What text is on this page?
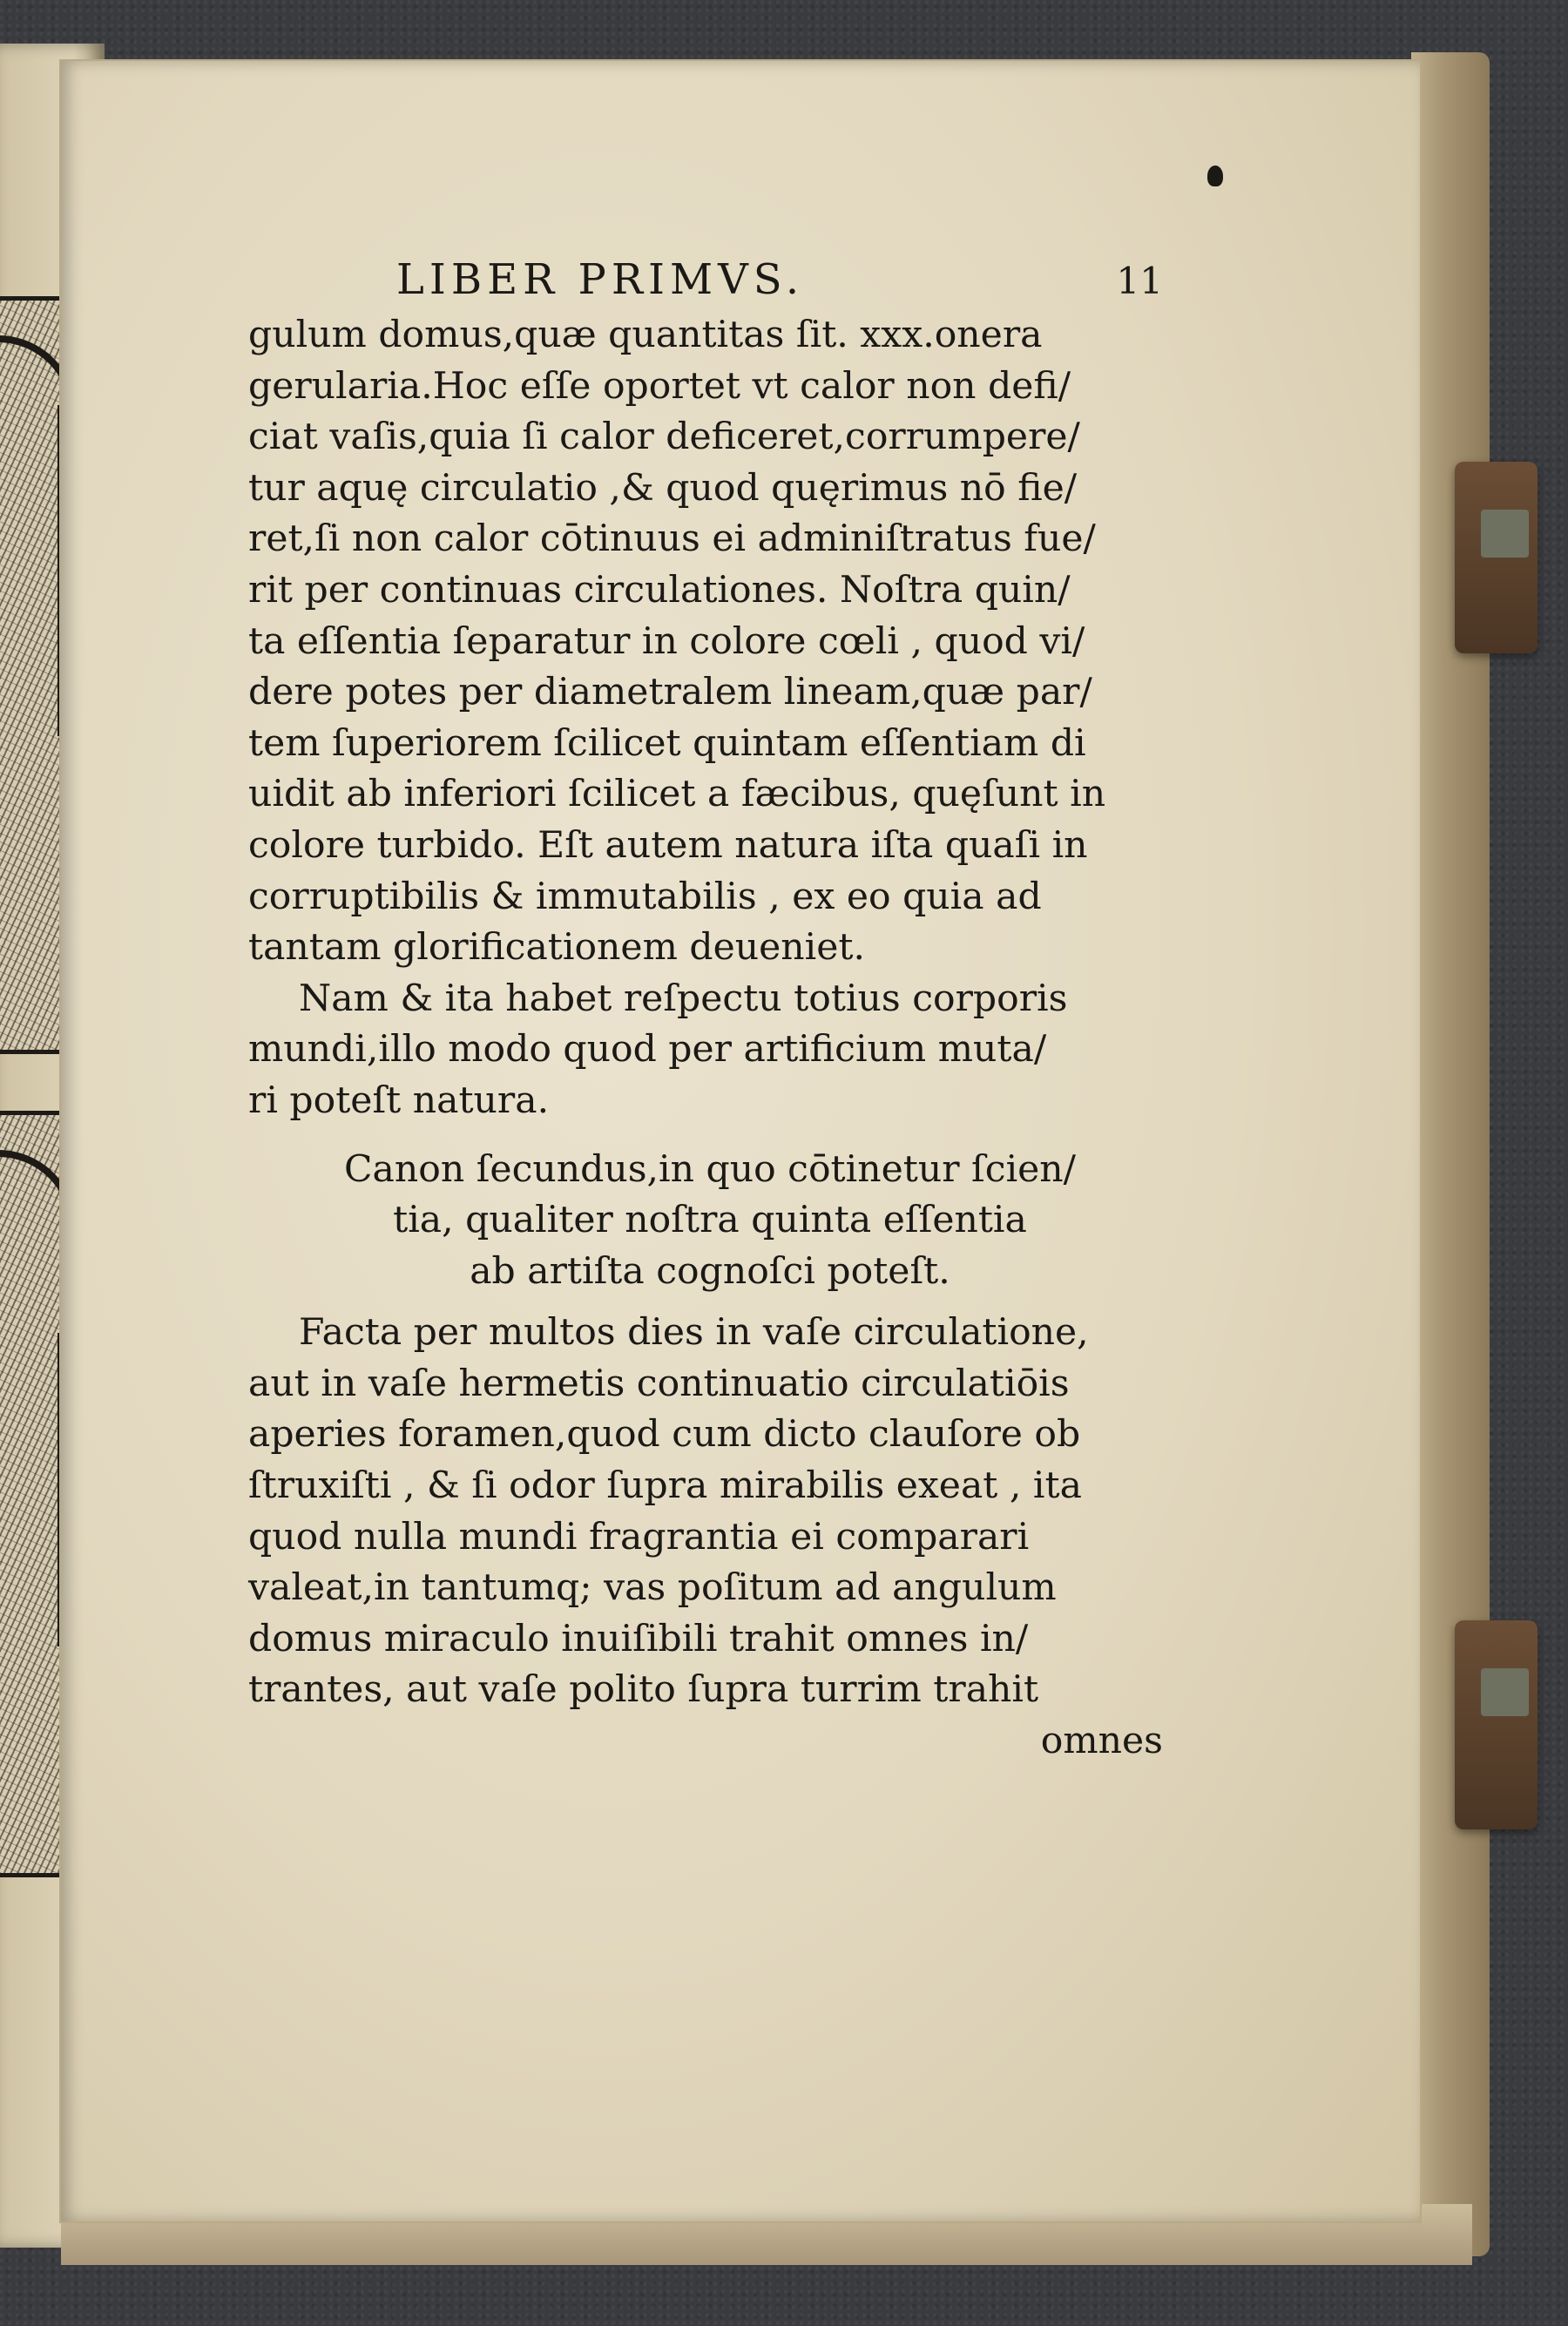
LIBER PRIMVS.	11
gulum domus,quæ quantitas ſit. xxx.onera
gerularia.Hoc eſſe oportet vt calor non defi/
ciat vaſis,quia ſi calor deficeret,corrumpere/
tur aquę circulatio ,& quod quęrimus nō fie/
ret,ſi non calor cōtinuus ei adminiſtratus fue/
rit per continuas circulationes. Noſtra quin/
ta eſſentia ſeparatur in colore cœli , quod vi/
dere potes per diametralem lineam,quæ par/
tem ſuperiorem ſcilicet quintam eſſentiam di
uidit ab inferiori ſcilicet a fæcibus, quęſunt in
colore turbido. Eſt autem natura iſta quaſi in
corruptibilis & immutabilis , ex eo quia ad
tantam glorificationem deueniet.
Nam & ita habet reſpectu totius corporis
mundi,illo modo quod per artificium muta/
ri poteſt natura.
Canon ſecundus,in quo cōtinetur ſcien/
tia, qualiter noſtra quinta eſſentia
ab artiſta cognoſci poteſt.
Facta per multos dies in vaſe circulatione,
aut in vaſe hermetis continuatio circulatiōis
aperies foramen,quod cum dicto clauſore ob
ſtruxiſti , & ſi odor ſupra mirabilis exeat , ita
quod nulla mundi fragrantia ei comparari
valeat,in tantumq; vas poſitum ad angulum
domus miraculo inuiſibili trahit omnes in/
trantes, aut vaſe polito ſupra turrim trahit
omnes
